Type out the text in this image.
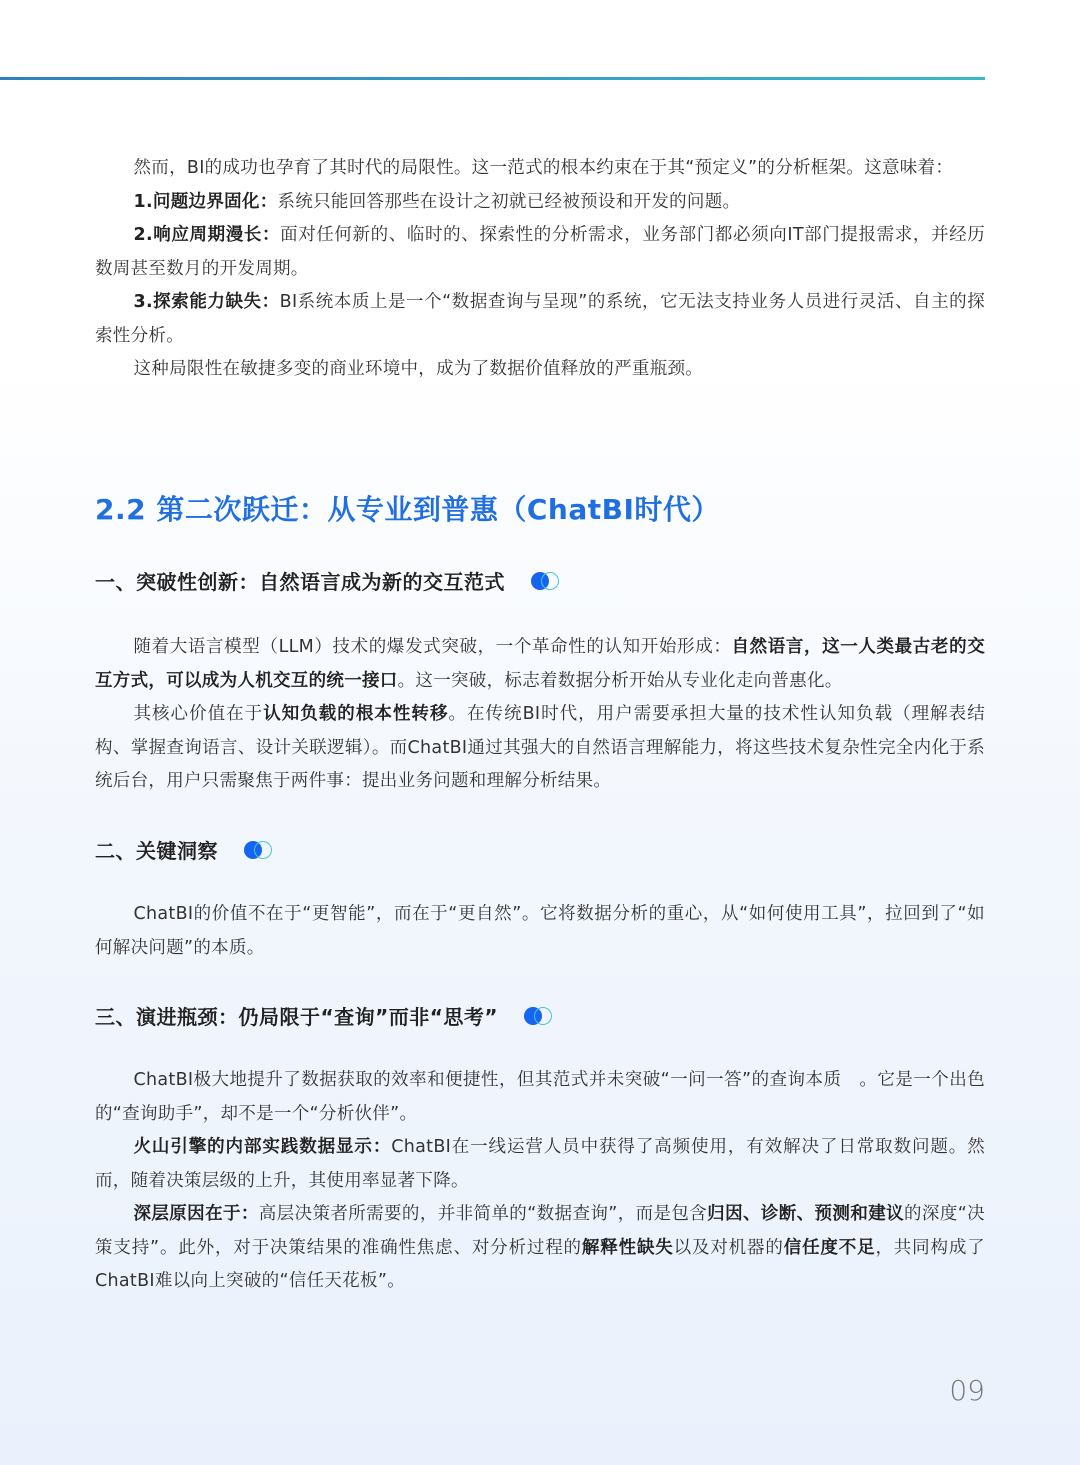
然而，BI的成功也孕育了其时代的局限性。这一范式的根本约束在于其“预定义”的分析框架。这意味着：

1.问题边界固化：系统只能回答那些在设计之初就已经被预设和开发的问题。

2.响应周期漫长：面对任何新的、临时的、探索性的分析需求，业务部门都必须向IT部门提报需求，并经历数周甚至数月的开发周期。

3.探索能力缺失：BI系统本质上是一个“数据查询与呈现”的系统，它无法支持业务人员进行灵活、自主的探索性分析。

这种局限性在敏捷多变的商业环境中，成为了数据价值释放的严重瓶颈。

2.2 第二次跃迁：从专业到普惠（ChatBI时代）
一、突破性创新：自然语言成为新的交互范式

随着大语言模型（LLM）技术的爆发式突破，一个革命性的认知开始形成：自然语言，这一人类最古老的交互方式，可以成为人机交互的统一接口。这一突破，标志着数据分析开始从专业化走向普惠化。

其核心价值在于认知负载的根本性转移。在传统BI时代，用户需要承担大量的技术性认知负载（理解表结构、掌握查询语言、设计关联逻辑）。而ChatBI通过其强大的自然语言理解能力，将这些技术复杂性完全内化于系统后台，用户只需聚焦于两件事：提出业务问题和理解分析结果。

二、关键洞察

ChatBI的价值不在于“更智能”，而在于“更自然”。它将数据分析的重心，从“如何使用工具”，拉回到了“如何解决问题”的本质。

三、演进瓶颈：仍局限于“查询”而非“思考”

ChatBI极大地提升了数据获取的效率和便捷性，但其范式并未突破“一问一答”的查询本质　。它是一个出色的“查询助手”，却不是一个“分析伙伴”。

火山引擎的内部实践数据显示：ChatBI在一线运营人员中获得了高频使用，有效解决了日常取数问题。然而，随着决策层级的上升，其使用率显著下降。

深层原因在于：高层决策者所需要的，并非简单的“数据查询”，而是包含归因、诊断、预测和建议的深度“决策支持”。此外，对于决策结果的准确性焦虑、对分析过程的解释性缺失以及对机器的信任度不足，共同构成了ChatBI难以向上突破的“信任天花板”。

09
